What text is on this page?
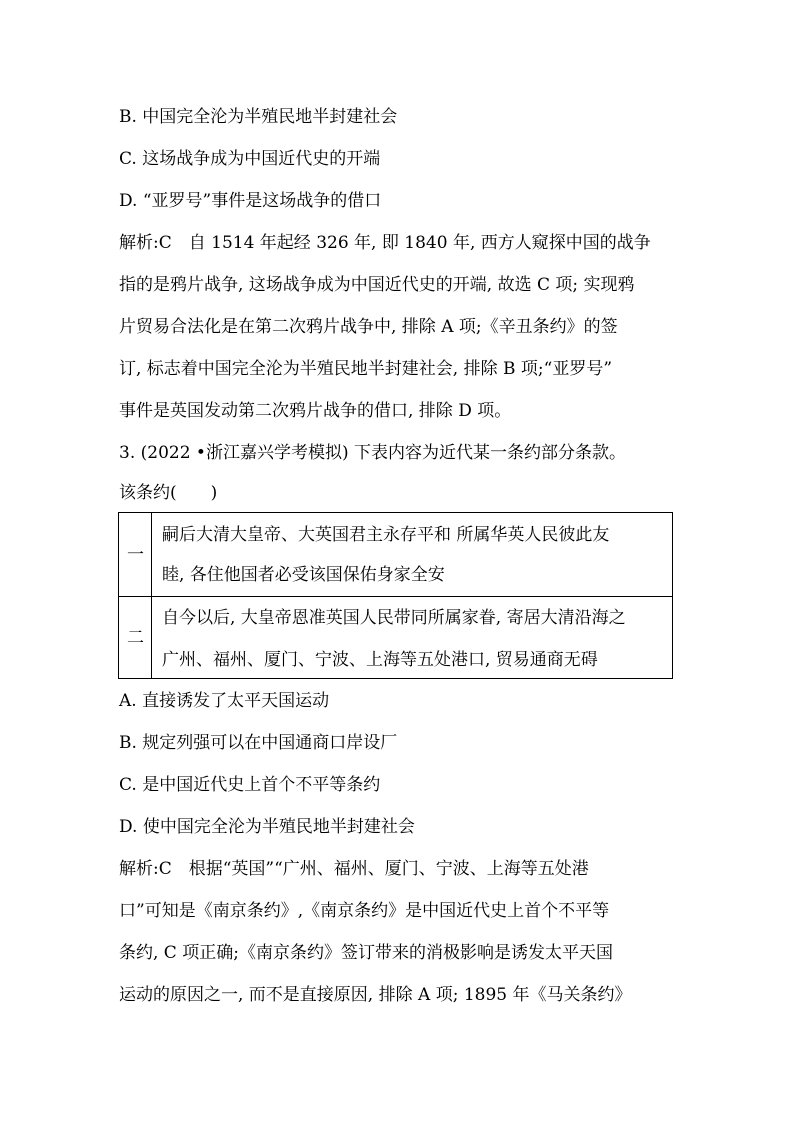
B. 中国完全沦为半殖民地半封建社会
C. 这场战争成为中国近代史的开端
D. “亚罗号”事件是这场战争的借口
解析:C　自 1514 年起经 326 年, 即 1840 年, 西方人窥探中国的战争
指的是鸦片战争, 这场战争成为中国近代史的开端, 故选 C 项; 实现鸦
片贸易合法化是在第二次鸦片战争中, 排除 A 项;《辛丑条约》的签
订, 标志着中国完全沦为半殖民地半封建社会, 排除 B 项;“亚罗号”
事件是英国发动第二次鸦片战争的借口, 排除 D 项。
3. (2022 •浙江嘉兴学考模拟) 下表内容为近代某一条约部分条款。
该条约(　　)
一
嗣后大清大皇帝、大英国君主永存平和 所属华英人民彼此友
睦, 各住他国者必受该国保佑身家全安
二
自今以后, 大皇帝恩准英国人民带同所属家眷, 寄居大清沿海之
广州、福州、厦门、宁波、上海等五处港口, 贸易通商无碍
A. 直接诱发了太平天国运动
B. 规定列强可以在中国通商口岸设厂
C. 是中国近代史上首个不平等条约
D. 使中国完全沦为半殖民地半封建社会
解析:C　根据“英国”“广州、福州、厦门、宁波、上海等五处港
口”可知是《南京条约》,《南京条约》是中国近代史上首个不平等
条约, C 项正确;《南京条约》签订带来的消极影响是诱发太平天国
运动的原因之一, 而不是直接原因, 排除 A 项; 1895 年《马关条约》
